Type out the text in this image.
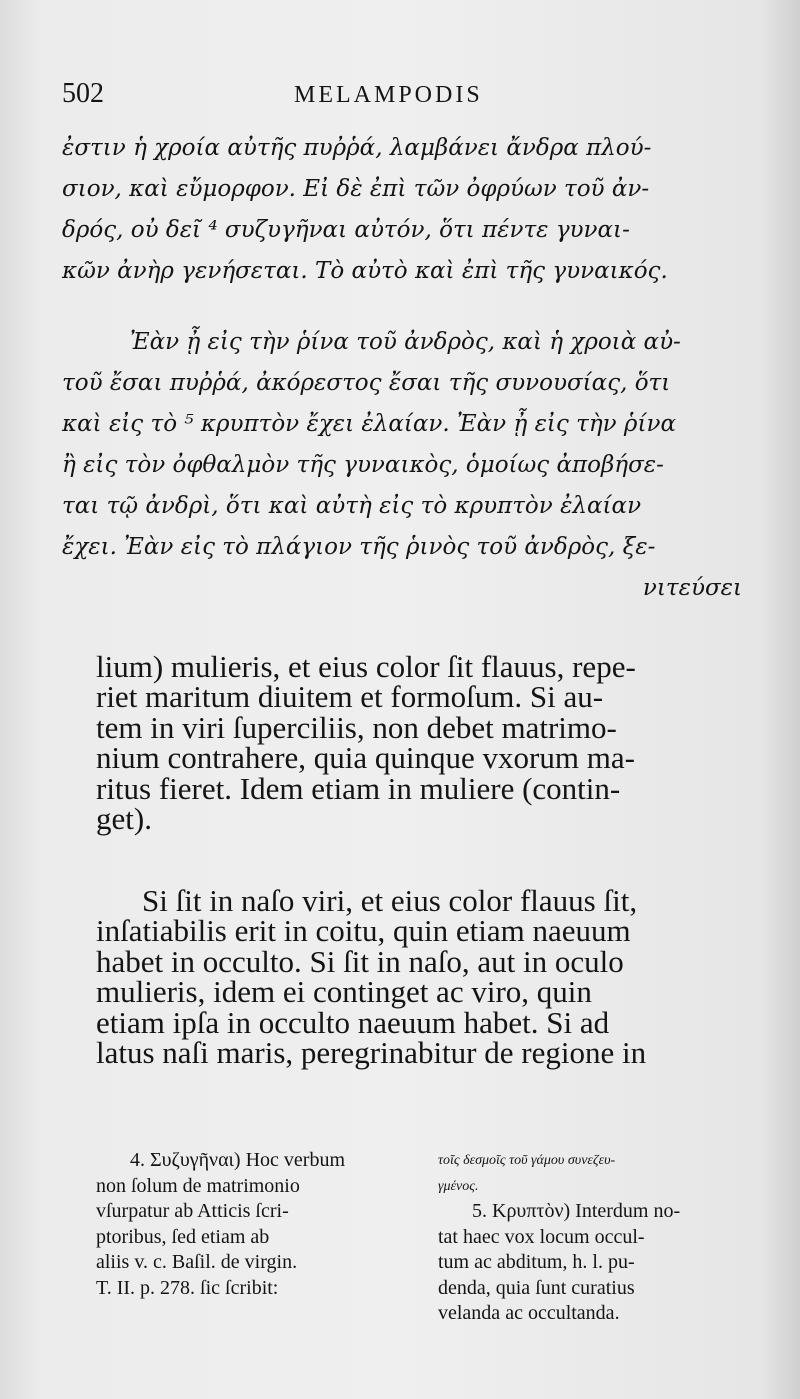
502	MELAMPODIS
ἐστιν ἡ χροία αὐτῆς πυῤῥά, λαμβάνει ἄνδρα πλού-
σιον, καὶ εὔμορφον. Εἰ δὲ ἐπὶ τῶν ὀφρύων τοῦ ἀν-
δρός, οὐ δεῖ ⁴ συζυγῆναι αὐτόν, ὅτι πέντε γυναι-
κῶν ἀνὴρ γενήσεται. Τὸ αὐτὸ καὶ ἐπὶ τῆς γυναικός.
Ἐὰν ᾖ εἰς τὴν ῥίνα τοῦ ἀνδρὸς, καὶ ἡ χροιὰ αὐ-
τοῦ ἔσαι πυῤῥά, ἀκόρεστος ἔσαι τῆς συνουσίας, ὅτι
καὶ εἰς τὸ ⁵ κρυπτὸν ἔχει ἐλαίαν. Ἐὰν ᾖ εἰς τὴν ῥίνα
ἢ εἰς τὸν ὀφθαλμὸν τῆς γυναικὸς, ὁμοίως ἀποβήσε-
ται τῷ ἀνδρὶ, ὅτι καὶ αὐτὴ εἰς τὸ κρυπτὸν ἐλαίαν
ἔχει. Ἐὰν εἰς τὸ πλάγιον τῆς ῥινὸς τοῦ ἀνδρὸς, ξε-
νιτεύσει
lium) mulieris, et eius color ſit flauus, repe-
riet maritum diuitem et formoſum. Si au-
tem in viri ſuperciliis, non debet matrimo-
nium contrahere, quia quinque vxorum ma-
ritus fieret. Idem etiam in muliere (contin-
get).
Si ſit in naſo viri, et eius color flauus ſit,
inſatiabilis erit in coitu, quin etiam naeuum
habet in occulto. Si ſit in naſo, aut in oculo
mulieris, idem ei continget ac viro, quin
etiam ipſa in occulto naeuum habet. Si ad
latus naſi maris, peregrinabitur de regione in
4. Συζυγῆναι) Hoc verbum
non ſolum de matrimonio
vſurpatur ab Atticis ſcri-
ptoribus, ſed etiam ab
aliis v. c. Baſil. de virgin.
T. II. p. 278. ſic ſcribit:
τοῖς δεσμοῖς τοῦ γάμου συνεζευ-
γμένος.
5. Κρυπτὸν) Interdum no-
tat haec vox locum occul-
tum ac abditum, h. l. pu-
denda, quia ſunt curatius
velanda ac occultanda.
